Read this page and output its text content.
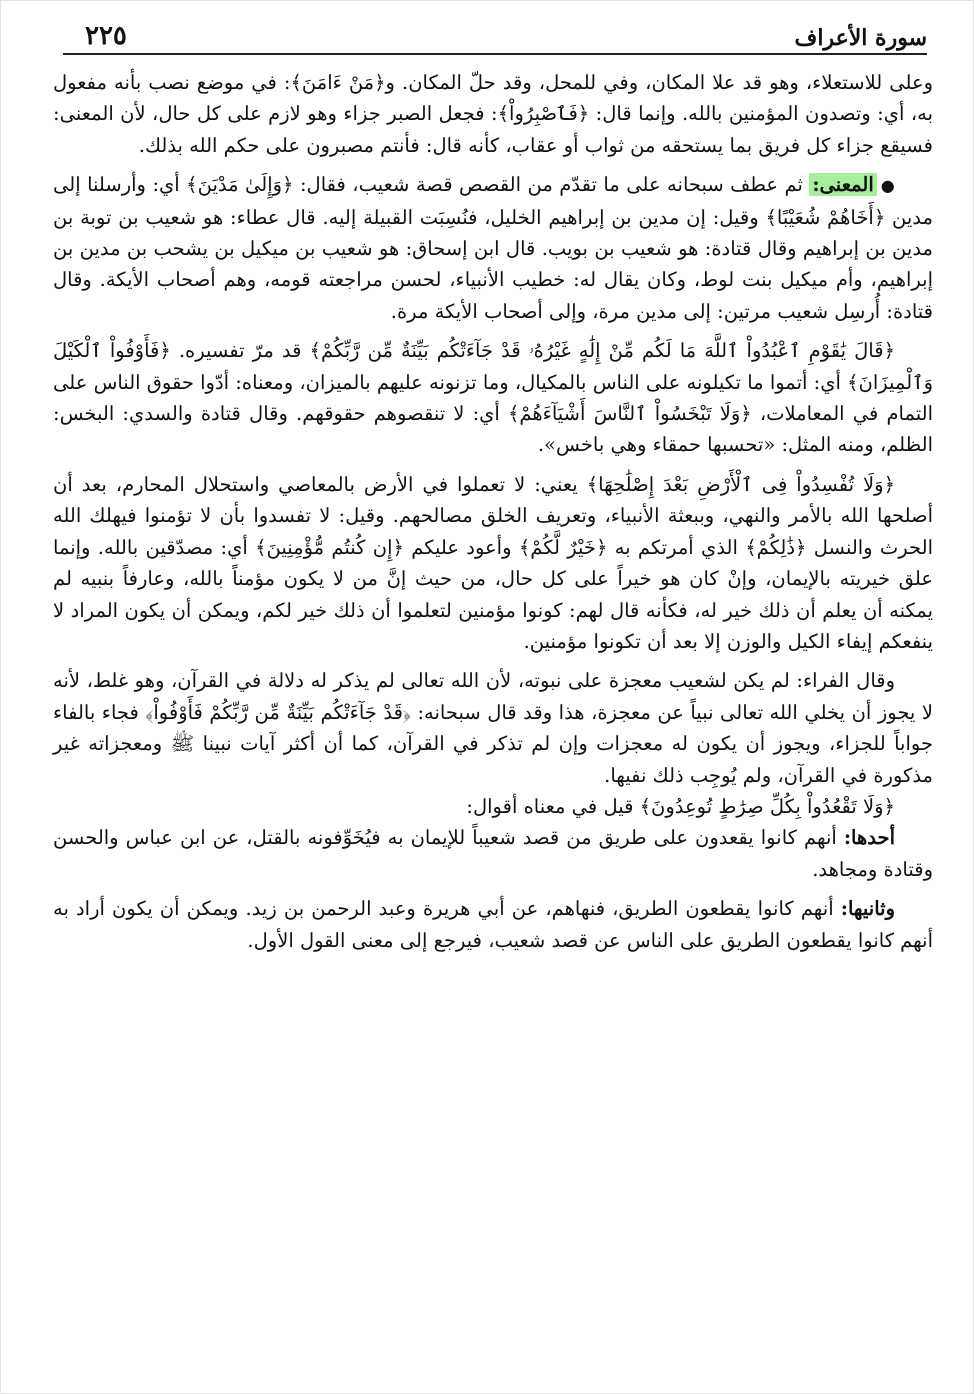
٢٢٥	سورة الأعراف

وعلى للاستعلاء، وهو قد علا المكان، وفي للمحل، وقد حلّ المكان. و﴿مَنْ ءَامَنَ﴾: في موضع نصب بأنه مفعول به، أي: وتصدون المؤمنين بالله. وإنما قال: ﴿فَٱصْبِرُواْ﴾: فجعل الصبر جزاء وهو لازم على كل حال، لأن المعنى: فسيقع جزاء كل فريق بما يستحقه من ثواب أو عقاب، كأنه قال: فأنتم مصبرون على حكم الله بذلك.

●المعنى: ثم عطف سبحانه على ما تقدّم من القصص قصة شعيب، فقال: ﴿وَإِلَىٰ مَدْيَنَ﴾ أي: وأرسلنا إلى مدين ﴿أَخَاهُمْ شُعَيْبًا﴾ وقيل: إن مدين بن إبراهيم الخليل، فنُسِبَت القبيلة إليه. قال عطاء: هو شعيب بن توبة بن مدين بن إبراهيم وقال قتادة: هو شعيب بن بويب. قال ابن إسحاق: هو شعيب بن ميكيل بن يشحب بن مدين بن إبراهيم، وأم ميكيل بنت لوط، وكان يقال له: خطيب الأنبياء، لحسن مراجعته قومه، وهم أصحاب الأيكة. وقال قتادة: أُرسِل شعيب مرتين: إلى مدين مرة، وإلى أصحاب الأيكة مرة.

﴿قَالَ يَٰقَوْمِ ٱعْبُدُواْ ٱللَّهَ مَا لَكُم مِّنْ إِلَٰهٍ غَيْرُهُۥ قَدْ جَآءَتْكُم بَيِّنَةٌ مِّن رَّبِّكُمْ﴾ قد مرّ تفسيره. ﴿فَأَوْفُواْ ٱلْكَيْلَ وَٱلْمِيزَانَ﴾ أي: أتموا ما تكيلونه على الناس بالمكيال، وما تزنونه عليهم بالميزان، ومعناه: أدّوا حقوق الناس على التمام في المعاملات، ﴿وَلَا تَبْخَسُواْ ٱلنَّاسَ أَشْيَآءَهُمْ﴾ أي: لا تنقصوهم حقوقهم. وقال قتادة والسدي: البخس: الظلم، ومنه المثل: «تحسبها حمقاء وهي باخس».

﴿وَلَا تُفْسِدُواْ فِى ٱلْأَرْضِ بَعْدَ إِصْلَٰحِهَا﴾ يعني: لا تعملوا في الأرض بالمعاصي واستحلال المحارم، بعد أن أصلحها الله بالأمر والنهي، وببعثة الأنبياء، وتعريف الخلق مصالحهم. وقيل: لا تفسدوا بأن لا تؤمنوا فيهلك الله الحرث والنسل ﴿ذَٰلِكُمْ﴾ الذي أمرتكم به ﴿خَيْرٌ لَّكُمْ﴾ وأعود عليكم ﴿إِن كُنتُم مُّؤْمِنِينَ﴾ أي: مصدّقين بالله. وإنما علق خيريته بالإيمان، وإنْ كان هو خيراً على كل حال، من حيث إنَّ من لا يكون مؤمناً بالله، وعارفاً بنبيه لم يمكنه أن يعلم أن ذلك خير له، فكأنه قال لهم: كونوا مؤمنين لتعلموا أن ذلك خير لكم، ويمكن أن يكون المراد لا ينفعكم إيفاء الكيل والوزن إلا بعد أن تكونوا مؤمنين.

وقال الفراء: لم يكن لشعيب معجزة على نبوته، لأن الله تعالى لم يذكر له دلالة في القرآن، وهو غلط، لأنه لا يجوز أن يخلي الله تعالى نبياً عن معجزة، هذا وقد قال سبحانه: ﴿قَدْ جَآءَتْكُم بَيِّنَةٌ مِّن رَّبِّكُمْ فَأَوْفُواْ﴾ فجاء بالفاء جواباً للجزاء، ويجوز أن يكون له معجزات وإن لم تذكر في القرآن، كما أن أكثر آيات نبينا ﷺ ومعجزاته غير مذكورة في القرآن، ولم يُوجِب ذلك نفيها.

﴿وَلَا تَقْعُدُواْ بِكُلِّ صِرَٰطٍ تُوعِدُونَ﴾ قيل في معناه أقوال:

أحدها: أنهم كانوا يقعدون على طريق من قصد شعيباً للإيمان به فيُخَوِّفونه بالقتل، عن ابن عباس والحسن وقتادة ومجاهد.

وثانيها: أنهم كانوا يقطعون الطريق، فنهاهم، عن أبي هريرة وعبد الرحمن بن زيد. ويمكن أن يكون أراد به أنهم كانوا يقطعون الطريق على الناس عن قصد شعيب، فيرجع إلى معنى القول الأول.
